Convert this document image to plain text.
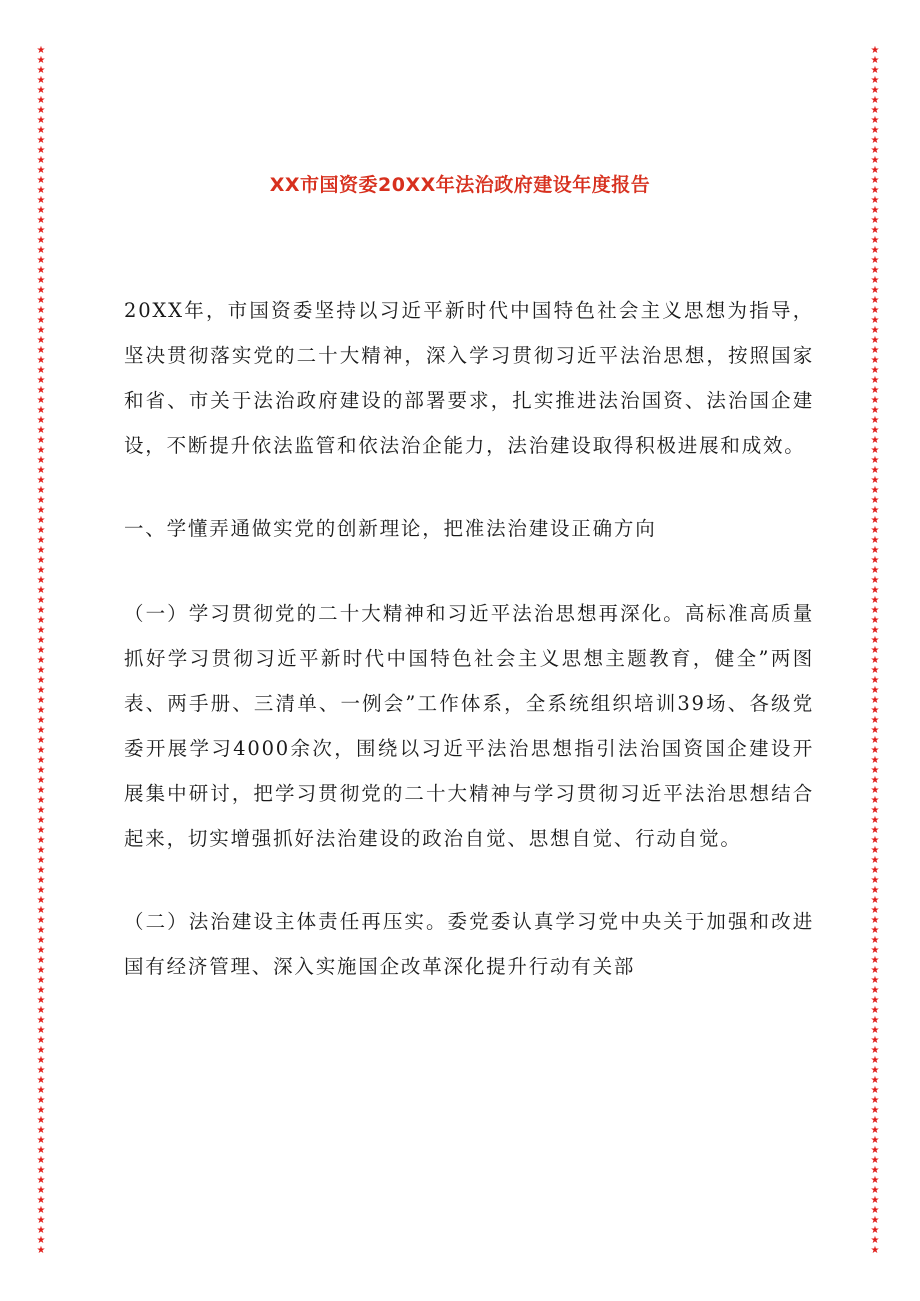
★
★
★
★
★
★
★
★
★
★
★
★
★
★
★
★
★
★
★
★
★
★
★
★
★
★
★
★
★
★
★
★
★
★
★
★
★
★
★
★
★
★
★
★
★
★
★
★
★
★
★
★
★
★
★
★
★
★
★
★
★
★
★
★
★
★
★
★
★
★
★
★
★
★
★
★
★
★
★
★
★
★
★
★
★
★
★
★
★
★
★
★
★
★
★
★
★
★
★
★
★
★
★
★
★
★
★
★
★
★
★
★
★
★
★
★
★
★
★
★
★
★
★
★
★
★
★
★
★
★
★
★
★
★
★
★
★
★
★
★
★
★
★
★
★
★
★
★
★
★
★
★
★
★
★
★
★
★
★
★
★
★
★
★
★
★
★
★
★
★
★
★
★
★
★
★
★
★
★
★
★
★
★
★
★
★
★
★
★
★
★
★
★
★
★
★
★
★
★
★
★
★
★
★
★
★
★
★
★
★
★
★
★
★
★
★
★
★
★
★
★
★
★
★
★
★
★
★
★
★
★
★
★
★
★
★
★
★
★
★
★
★
XX市国资委20XX年法治政府建设年度报告

20XX年，市国资委坚持以习近平新时代中国特色社会主义思想为指导，坚决贯彻落实党的二十大精神，深入学习贯彻习近平法治思想，按照国家和省、市关于法治政府建设的部署要求，扎实推进法治国资、法治国企建设，不断提升依法监管和依法治企能力，法治建设取得积极进展和成效。

一、学懂弄通做实党的创新理论，把准法治建设正确方向

（一）学习贯彻党的二十大精神和习近平法治思想再深化。高标准高质量抓好学习贯彻习近平新时代中国特色社会主义思想主题教育，健全”两图表、两手册、三清单、一例会”工作体系，全系统组织培训39场、各级党委开展学习4000余次，围绕以习近平法治思想指引法治国资国企建设开展集中研讨，把学习贯彻党的二十大精神与学习贯彻习近平法治思想结合起来，切实增强抓好法治建设的政治自觉、思想自觉、行动自觉。

（二）法治建设主体责任再压实。委党委认真学习党中央关于加强和改进国有经济管理、深入实施国企改革深化提升行动有关部
